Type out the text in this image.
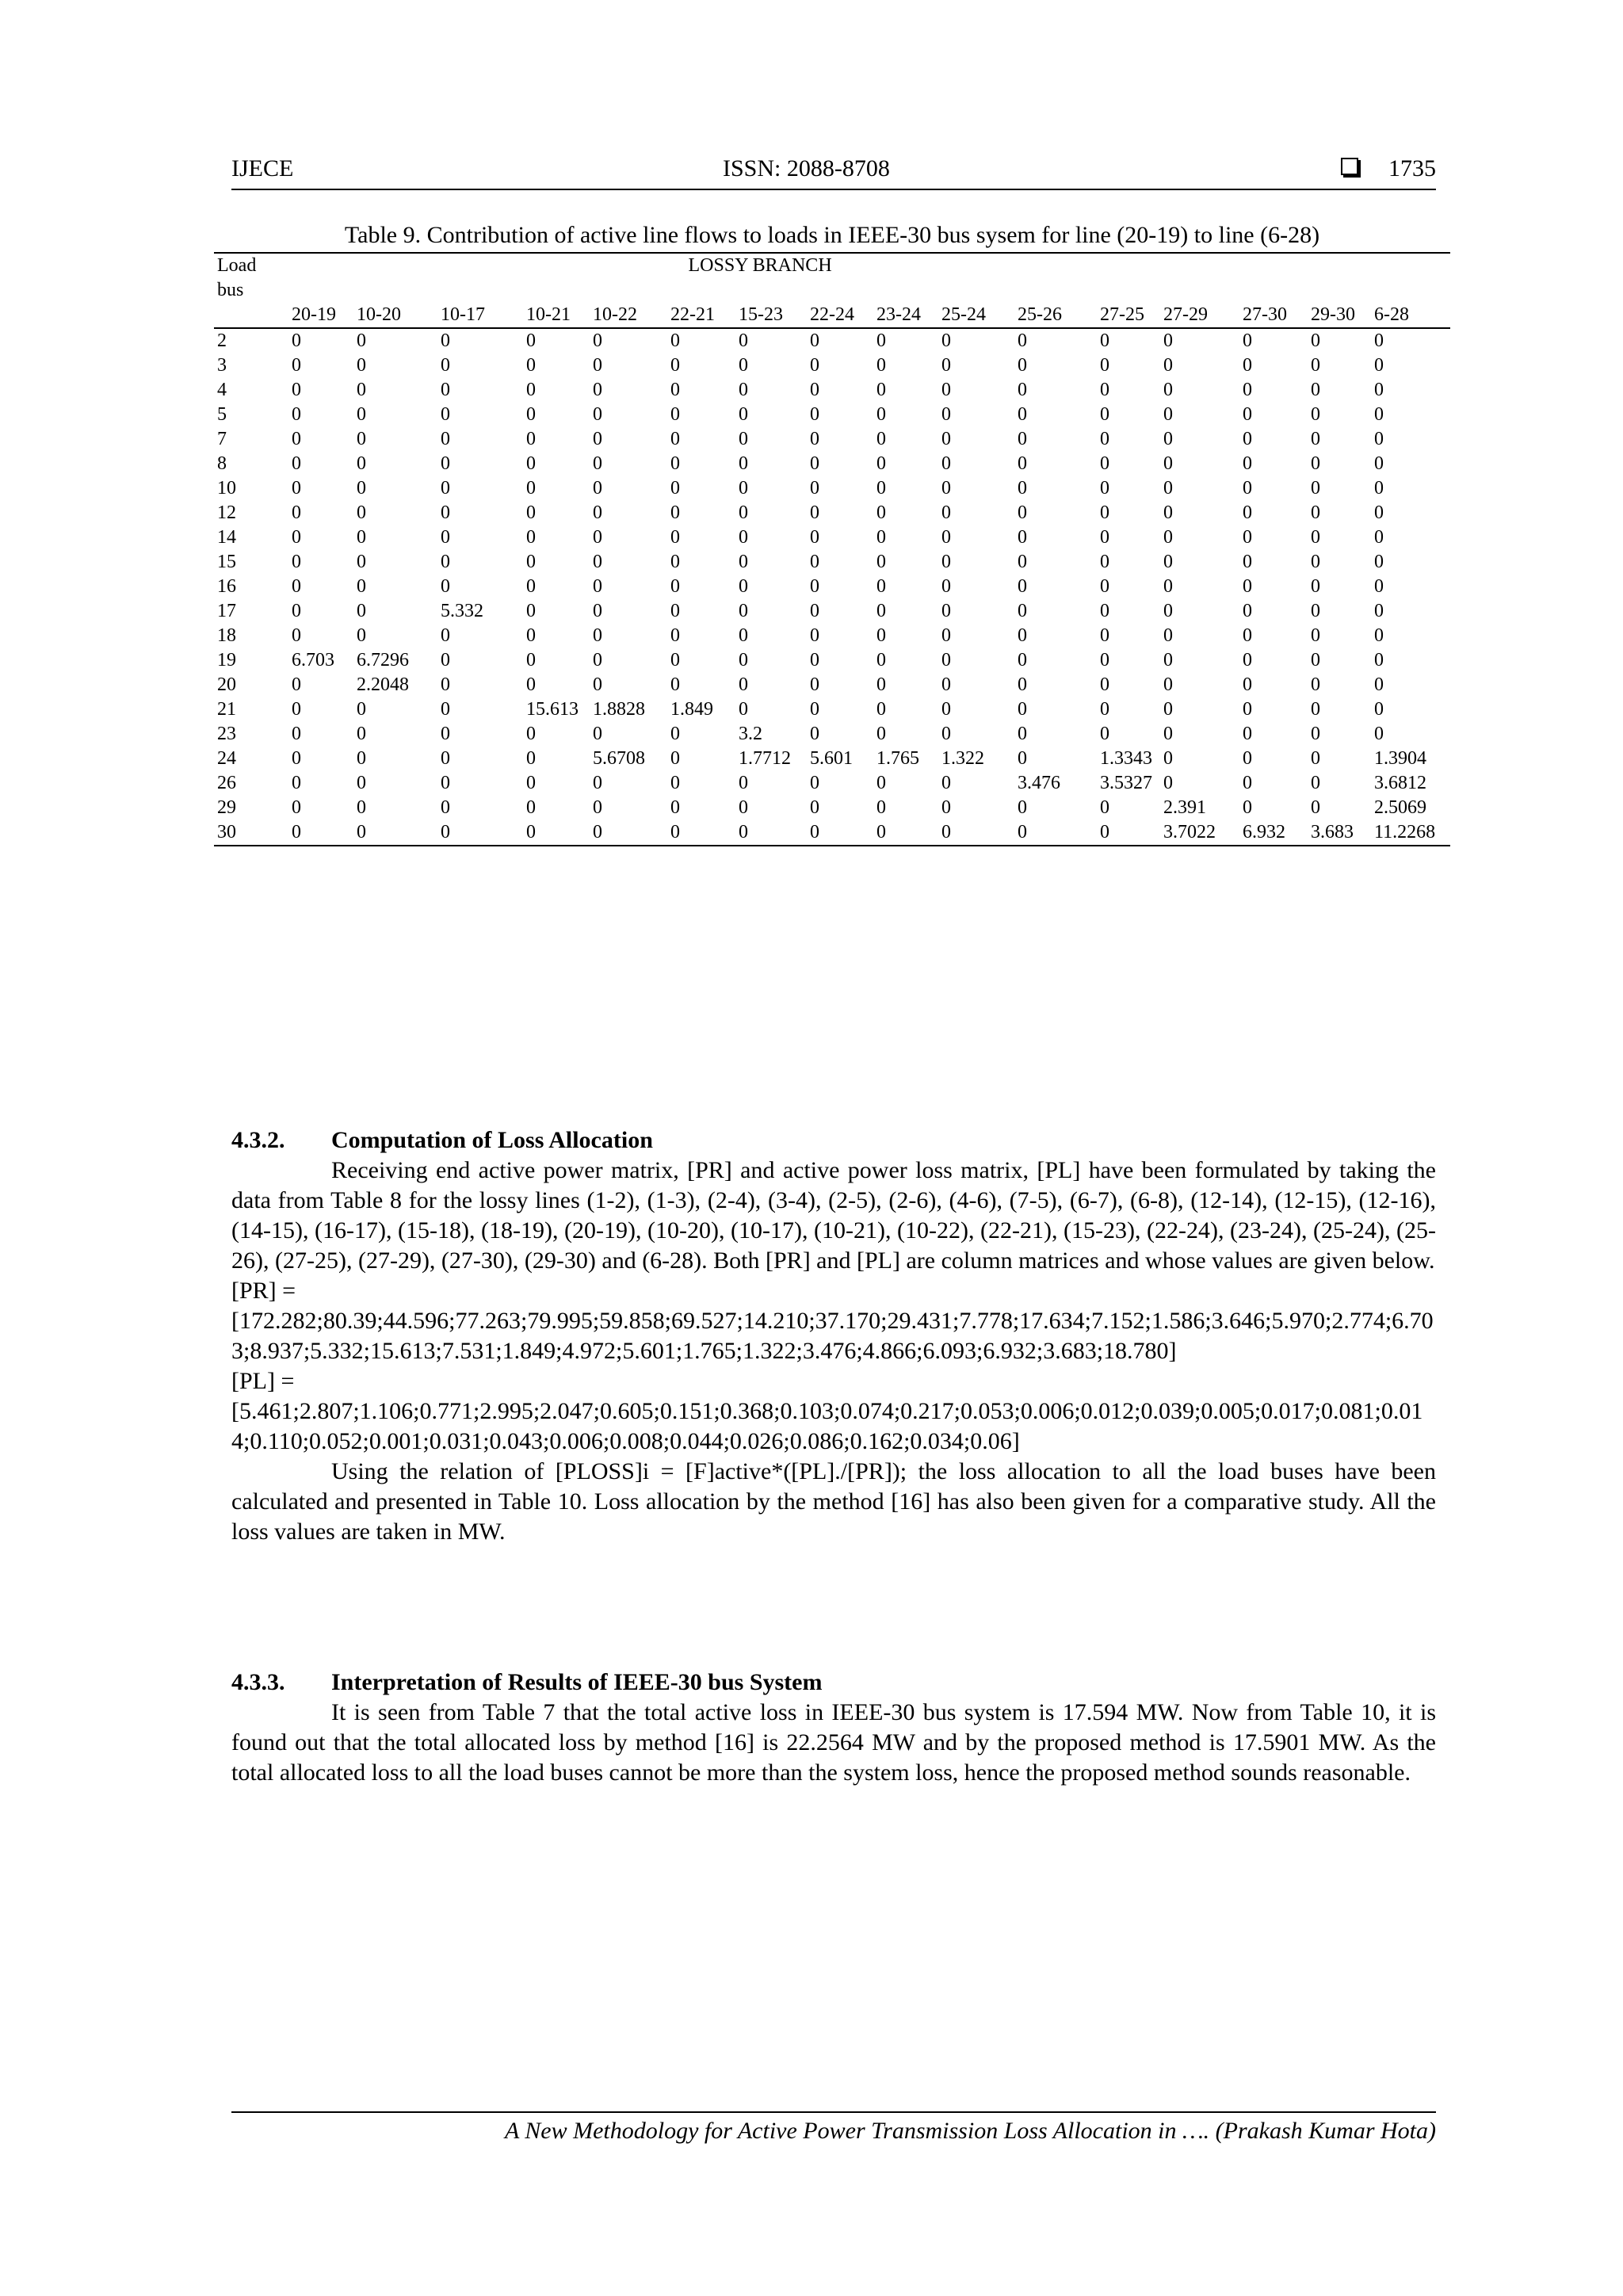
IJECE	ISSN: 2088-8708	1735
Table 9. Contribution of active line flows to loads in IEEE-30 bus sysem for line (20-19) to line (6-28)
Load bus	LOSSY BRANCH															
	20-19	10-20	10-17	10-21	10-22	22-21	15-23	22-24	23-24	25-24	25-26	27-25	27-29	27-30	29-30	6-28
2	0	0	0	0	0	0	0	0	0	0	0	0	0	0	0	0
3	0	0	0	0	0	0	0	0	0	0	0	0	0	0	0	0
4	0	0	0	0	0	0	0	0	0	0	0	0	0	0	0	0
5	0	0	0	0	0	0	0	0	0	0	0	0	0	0	0	0
7	0	0	0	0	0	0	0	0	0	0	0	0	0	0	0	0
8	0	0	0	0	0	0	0	0	0	0	0	0	0	0	0	0
10	0	0	0	0	0	0	0	0	0	0	0	0	0	0	0	0
12	0	0	0	0	0	0	0	0	0	0	0	0	0	0	0	0
14	0	0	0	0	0	0	0	0	0	0	0	0	0	0	0	0
15	0	0	0	0	0	0	0	0	0	0	0	0	0	0	0	0
16	0	0	0	0	0	0	0	0	0	0	0	0	0	0	0	0
17	0	0	5.332	0	0	0	0	0	0	0	0	0	0	0	0	0
18	0	0	0	0	0	0	0	0	0	0	0	0	0	0	0	0
19	6.703	6.7296	0	0	0	0	0	0	0	0	0	0	0	0	0	0
20	0	2.2048	0	0	0	0	0	0	0	0	0	0	0	0	0	0
21	0	0	0	15.613	1.8828	1.849	0	0	0	0	0	0	0	0	0	0
23	0	0	0	0	0	0	3.2	0	0	0	0	0	0	0	0	0
24	0	0	0	0	5.6708	0	1.7712	5.601	1.765	1.322	0	1.3343	0	0	0	1.3904
26	0	0	0	0	0	0	0	0	0	0	3.476	3.5327	0	0	0	3.6812
29	0	0	0	0	0	0	0	0	0	0	0	0	2.391	0	0	2.5069
30	0	0	0	0	0	0	0	0	0	0	0	0	3.7022	6.932	3.683	11.2268
4.3.2. Computation of Loss Allocation

Receiving end active power matrix, [PR] and active power loss matrix, [PL] have been formulated by taking the data from Table 8 for the lossy lines (1-2), (1-3), (2-4), (3-4), (2-5), (2-6), (4-6), (7-5), (6-7), (6-8), (12-14), (12-15), (12-16), (14-15), (16-17), (15-18), (18-19), (20-19), (10-20), (10-17), (10-21), (10-22), (22-21), (15-23), (22-24), (23-24), (25-24), (25-26), (27-25), (27-29), (27-30), (29-30) and (6-28). Both [PR] and [PL] are column matrices and whose values are given below.

[PR] =

[172.282;80.39;44.596;77.263;79.995;59.858;69.527;14.210;37.170;29.431;7.778;17.634;7.152;1.586;3.646;5.970;2.774;6.703;8.937;5.332;15.613;7.531;1.849;4.972;5.601;1.765;1.322;3.476;4.866;6.093;6.932;3.683;18.780]

[PL] =

[5.461;2.807;1.106;0.771;2.995;2.047;0.605;0.151;0.368;0.103;0.074;0.217;0.053;0.006;0.012;0.039;0.005;0.017;0.081;0.014;0.110;0.052;0.001;0.031;0.043;0.006;0.008;0.044;0.026;0.086;0.162;0.034;0.06]

Using the relation of [PLOSS]i = [F]active*([PL]./[PR]); the loss allocation to all the load buses have been calculated and presented in Table 10. Loss allocation by the method [16] has also been given for a comparative study. All the loss values are taken in MW.

4.3.3. Interpretation of Results of IEEE-30 bus System

It is seen from Table 7 that the total active loss in IEEE-30 bus system is 17.594 MW. Now from Table 10, it is found out that the total allocated loss by method [16] is 22.2564 MW and by the proposed method is 17.5901 MW. As the total allocated loss to all the load buses cannot be more than the system loss, hence the proposed method sounds reasonable.

A New Methodology for Active Power Transmission Loss Allocation in …. (Prakash Kumar Hota)
